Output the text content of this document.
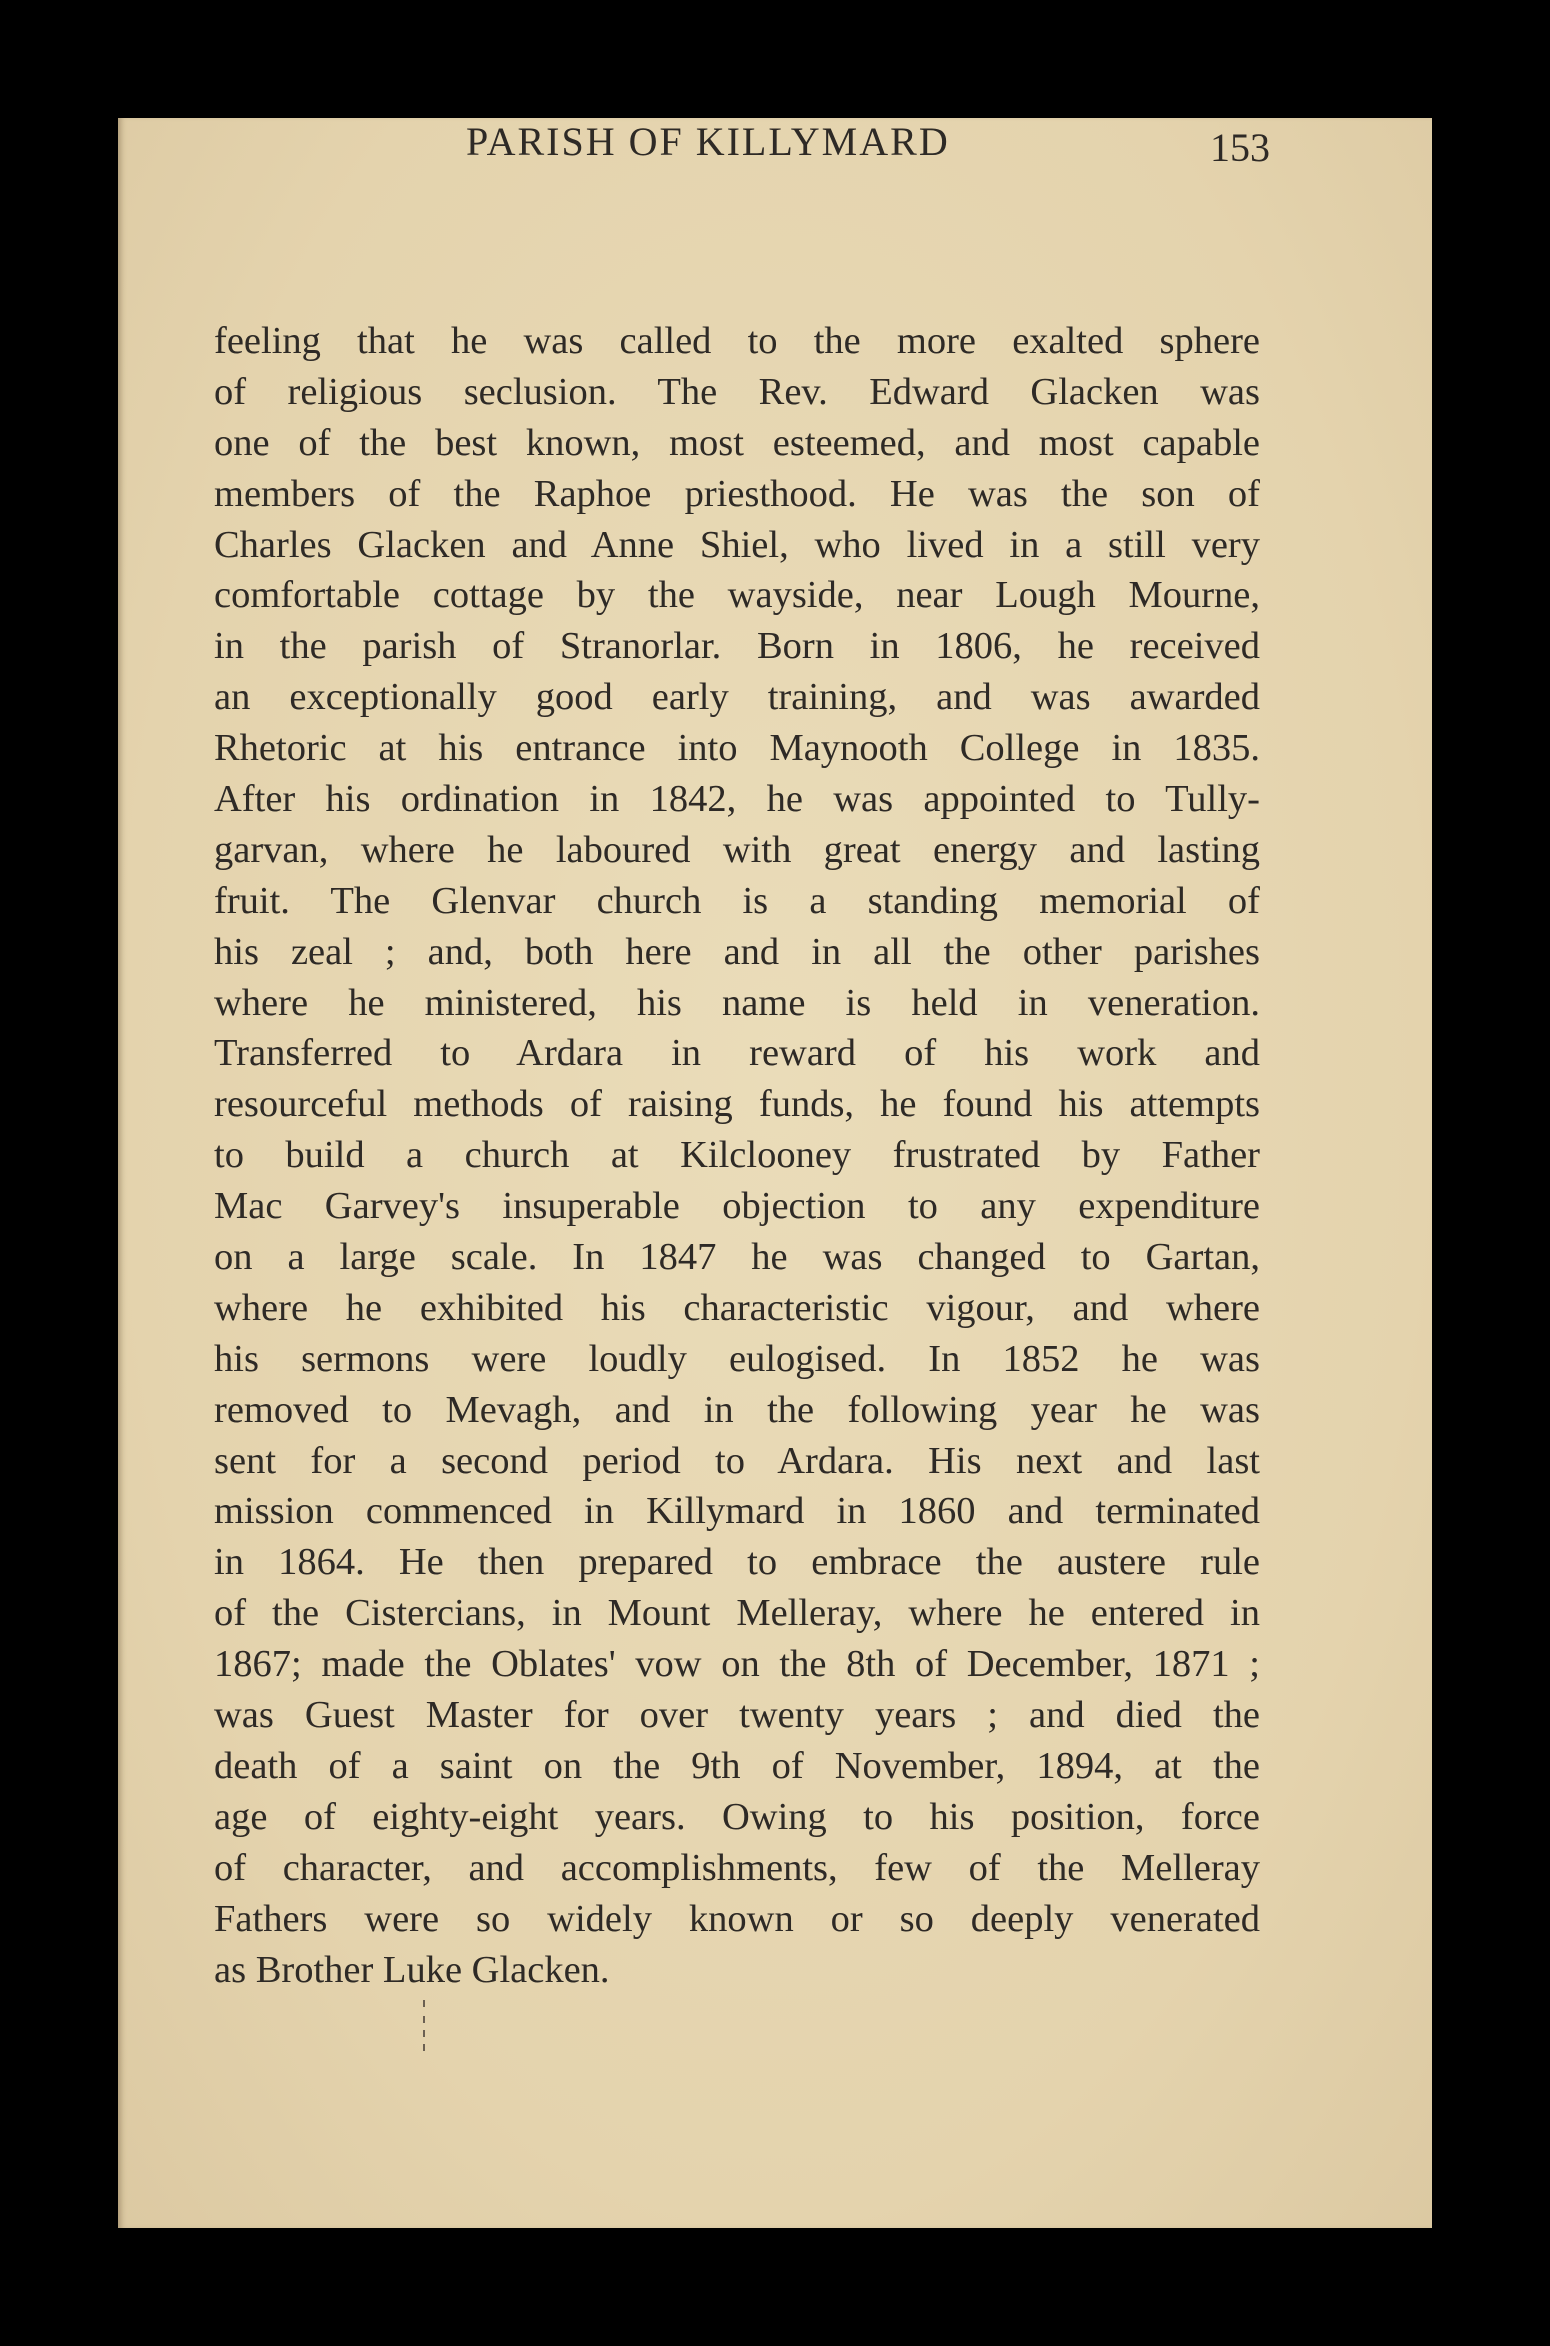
PARISH OF KILLYMARD	153
feeling that he was called to the more exalted sphere
of religious seclusion. The Rev. Edward Glacken was
one of the best known, most esteemed, and most capable
members of the Raphoe priesthood. He was the son of
Charles Glacken and Anne Shiel, who lived in a still very
comfortable cottage by the wayside, near Lough Mourne,
in the parish of Stranorlar. Born in 1806, he received
an exceptionally good early training, and was awarded
Rhetoric at his entrance into Maynooth College in 1835.
After his ordination in 1842, he was appointed to Tully-
garvan, where he laboured with great energy and lasting
fruit. The Glenvar church is a standing memorial of
his zeal ; and, both here and in all the other parishes
where he ministered, his name is held in veneration.
Transferred to Ardara in reward of his work and
resourceful methods of raising funds, he found his attempts
to build a church at Kilclooney frustrated by Father
Mac Garvey's insuperable objection to any expenditure
on a large scale. In 1847 he was changed to Gartan,
where he exhibited his characteristic vigour, and where
his sermons were loudly eulogised. In 1852 he was
removed to Mevagh, and in the following year he was
sent for a second period to Ardara. His next and last
mission commenced in Killymard in 1860 and terminated
in 1864. He then prepared to embrace the austere rule
of the Cistercians, in Mount Melleray, where he entered in
1867; made the Oblates' vow on the 8th of December, 1871 ;
was Guest Master for over twenty years ; and died the
death of a saint on the 9th of November, 1894, at the
age of eighty-eight years. Owing to his position, force
of character, and accomplishments, few of the Melleray
Fathers were so widely known or so deeply venerated
as Brother Luke Glacken.
